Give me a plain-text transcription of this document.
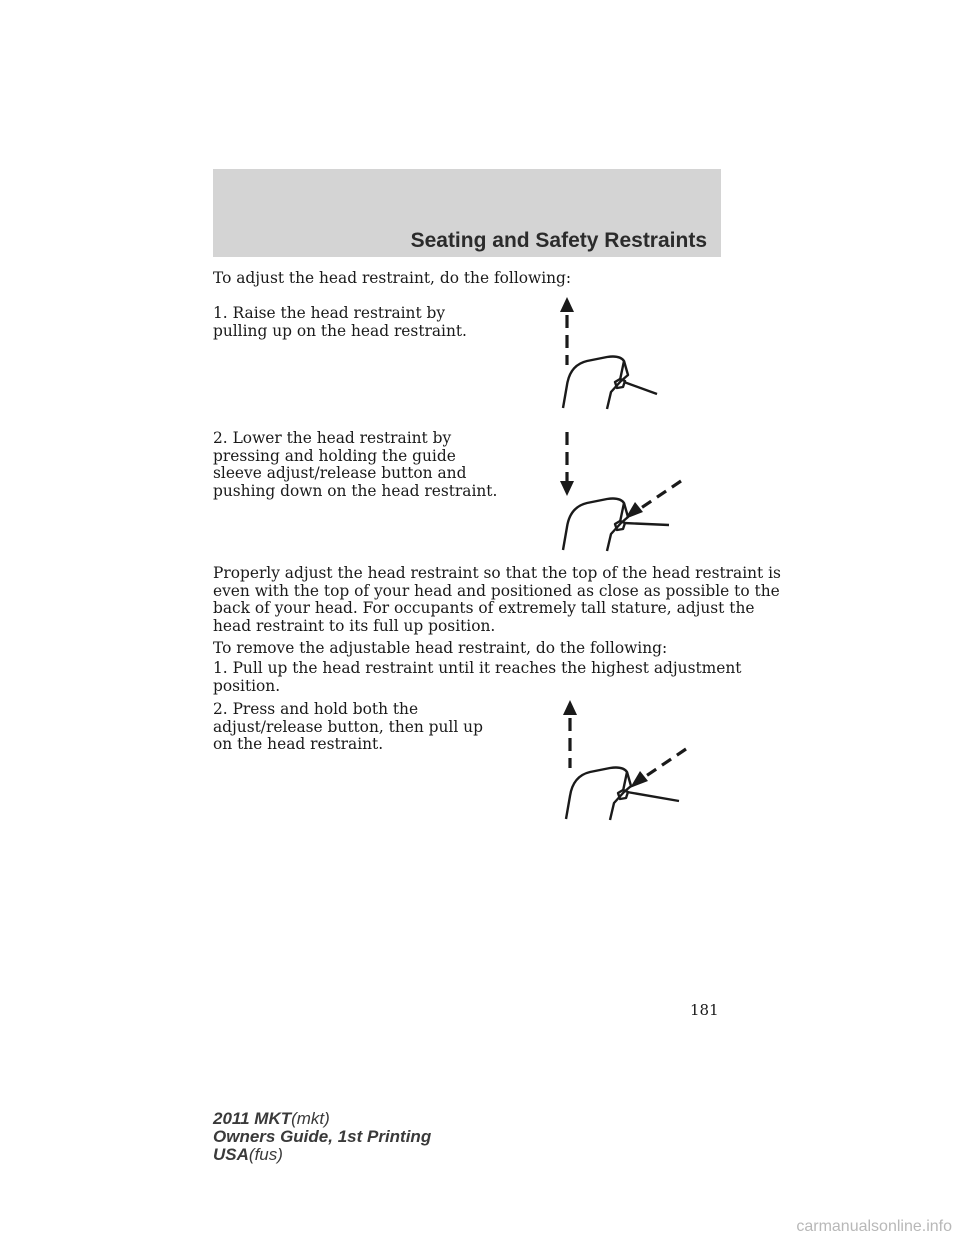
Seating and Safety Restraints

To adjust the head restraint, do the following:

1. Raise the head restraint by
pulling up on the head restraint.

2. Lower the head restraint by
pressing and holding the guide
sleeve adjust/release button and
pushing down on the head restraint.

Properly adjust the head restraint so that the top of the head restraint is
even with the top of your head and positioned as close as possible to the
back of your head. For occupants of extremely tall stature, adjust the
head restraint to its full up position.

To remove the adjustable head restraint, do the following:

1. Pull up the head restraint until it reaches the highest adjustment
position.

2. Press and hold both the
adjust/release button, then pull up
on the head restraint.

181
2011 MKT(mkt)
Owners Guide, 1st Printing
USA(fus)
carmanualsonline.info
